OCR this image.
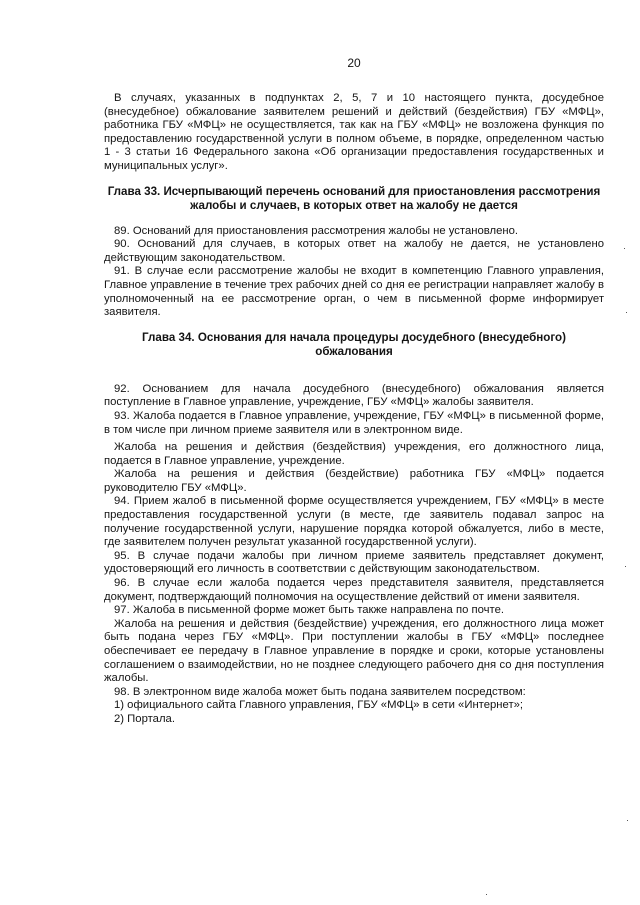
20

В случаях, указанных в подпунктах 2, 5, 7 и 10 настоящего пункта, досудебное (внесудебное) обжалование заявителем решений и действий (бездействия) ГБУ «МФЦ», работника ГБУ «МФЦ» не осуществляется, так как на ГБУ «МФЦ» не возложена функция по предоставлению государственной услуги в полном объеме, в порядке, определенном частью 1 - 3 статьи 16 Федерального закона «Об организации предоставления государственных и муниципальных услуг».

Глава 33. Исчерпывающий перечень оснований для приостановления рассмотрения жалобы и случаев, в которых ответ на жалобу не дается

89. Оснований для приостановления рассмотрения жалобы не установлено.

90. Оснований для случаев, в которых ответ на жалобу не дается, не установлено действующим законодательством.

91. В случае если рассмотрение жалобы не входит в компетенцию Главного управления, Главное управление в течение трех рабочих дней со дня ее регистрации направляет жалобу в уполномоченный на ее рассмотрение орган, о чем в письменной форме информирует заявителя.

Глава 34. Основания для начала процедуры досудебного (внесудебного) обжалования

92. Основанием для начала досудебного (внесудебного) обжалования является поступление в Главное управление, учреждение, ГБУ «МФЦ» жалобы заявителя.

93. Жалоба подается в Главное управление, учреждение, ГБУ «МФЦ» в письменной форме, в том числе при личном приеме заявителя или в электронном виде.

Жалоба на решения и действия (бездействия) учреждения, его должностного лица, подается в Главное управление, учреждение.

Жалоба на решения и действия (бездействие) работника ГБУ «МФЦ» подается руководителю ГБУ «МФЦ».

94. Прием жалоб в письменной форме осуществляется учреждением, ГБУ «МФЦ» в месте предоставления государственной услуги (в месте, где заявитель подавал запрос на получение государственной услуги, нарушение порядка которой обжалуется, либо в месте, где заявителем получен результат указанной государственной услуги).

95. В случае подачи жалобы при личном приеме заявитель представляет документ, удостоверяющий его личность в соответствии с действующим законодательством.

96. В случае если жалоба подается через представителя заявителя, представляется документ, подтверждающий полномочия на осуществление действий от имени заявителя.

97. Жалоба в письменной форме может быть также направлена по почте.

Жалоба на решения и действия (бездействие) учреждения, его должностного лица может быть подана через ГБУ «МФЦ». При поступлении жалобы в ГБУ «МФЦ» последнее обеспечивает ее передачу в Главное управление в порядке и сроки, которые установлены соглашением о взаимодействии, но не позднее следующего рабочего дня со дня поступления жалобы.

98. В электронном виде жалоба может быть подана заявителем посредством:

1) официального сайта Главного управления, ГБУ «МФЦ» в сети «Интернет»;

2) Портала.
